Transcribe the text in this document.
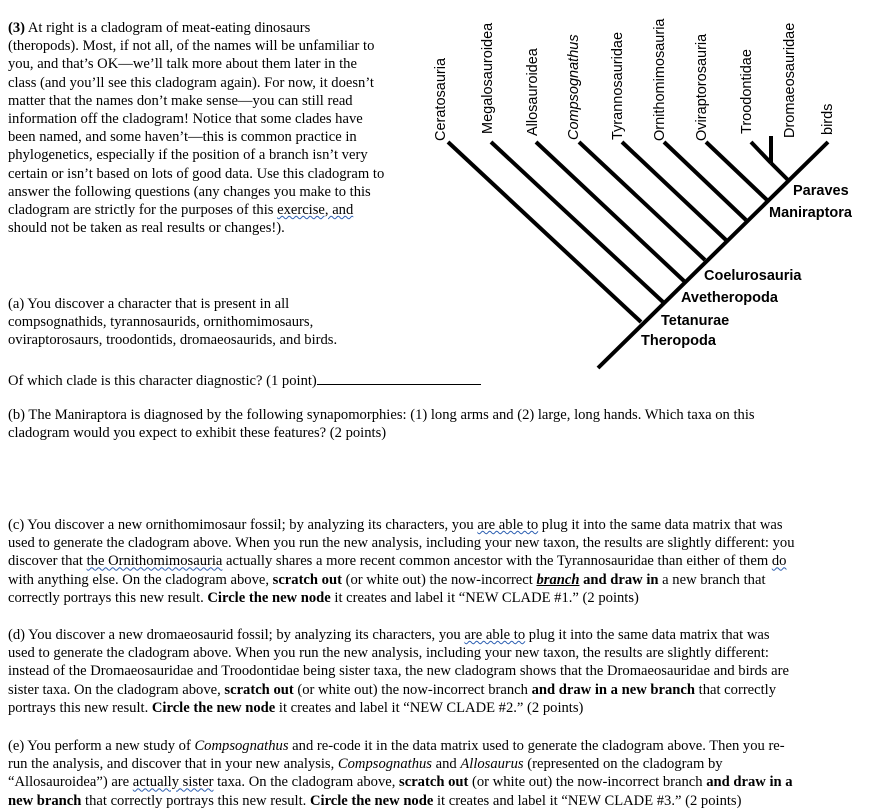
(3) At right is a cladogram of meat-eating dinosaurs
(theropods). Most, if not all, of the names will be unfamiliar to
you, and that’s OK—we’ll talk more about them later in the
class (and you’ll see this cladogram again). For now, it doesn’t
matter that the names don’t make sense—you can still read
information off the cladogram! Notice that some clades have
been named, and some haven’t—this is common practice in
phylogenetics, especially if the position of a branch isn’t very
certain or isn’t based on lots of good data. Use this cladogram to
answer the following questions (any changes you make to this
cladogram are strictly for the purposes of this exercise, and
should not be taken as real results or changes!).
(a) You discover a character that is present in all
compsognathids, tyrannosaurids, ornithomimosaurs,
oviraptorosaurs, troodontids, dromaeosaurids, and birds.
Of which clade is this character diagnostic? (1 point)
(b) The Maniraptora is diagnosed by the following synapomorphies: (1) long arms and (2) large, long hands. Which taxa on this
cladogram would you expect to exhibit these features? (2 points)
(c) You discover a new ornithomimosaur fossil; by analyzing its characters, you are able to plug it into the same data matrix that was
used to generate the cladogram above. When you run the new analysis, including your new taxon, the results are slightly different: you
discover that the Ornithomimosauria actually shares a more recent common ancestor with the Tyrannosauridae than either of them do
with anything else. On the cladogram above, scratch out (or white out) the now-incorrect branch and draw in a new branch that
correctly portrays this new result. Circle the new node it creates and label it “NEW CLADE #1.” (2 points)
(d) You discover a new dromaeosaurid fossil; by analyzing its characters, you are able to plug it into the same data matrix that was
used to generate the cladogram above. When you run the new analysis, including your new taxon, the results are slightly different:
instead of the Dromaeosauridae and Troodontidae being sister taxa, the new cladogram shows that the Dromaeosauridae and birds are
sister taxa. On the cladogram above, scratch out (or white out) the now-incorrect branch and draw in a new branch that correctly
portrays this new result. Circle the new node it creates and label it “NEW CLADE #2.” (2 points)
(e) You perform a new study of Compsognathus and re-code it in the data matrix used to generate the cladogram above. Then you re-
run the analysis, and discover that in your new analysis, Compsognathus and Allosaurus (represented on the cladogram by
“Allosauroidea”) are actually sister taxa. On the cladogram above, scratch out (or white out) the now-incorrect branch and draw in a
new branch that correctly portrays this new result. Circle the new node it creates and label it “NEW CLADE #3.” (2 points)
Ceratosauria Megalosauroidea Allosauroidea Compsognathus Tyrannosauridae Ornithomimosauria Oviraptorosauria Troodontidae Dromaeosauridae birds
Paraves
Maniraptora
Coelurosauria
Avetheropoda
Tetanurae
Theropoda
